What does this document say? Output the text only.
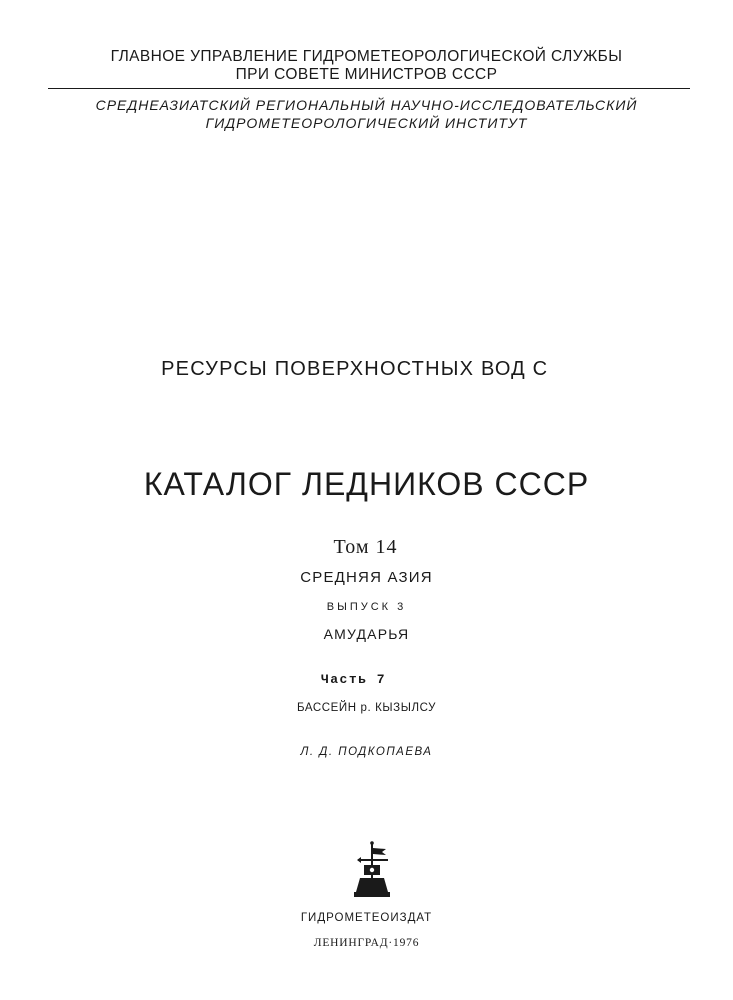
ГЛАВНОЕ УПРАВЛЕНИЕ ГИДРОМЕТЕОРОЛОГИЧЕСКОЙ СЛУЖБЫ
ПРИ СОВЕТЕ МИНИСТРОВ СССР
СРЕДНЕАЗИАТСКИЙ РЕГИОНАЛЬНЫЙ НАУЧНО-ИССЛЕДОВАТЕЛЬСКИЙ
ГИДРОМЕТЕОРОЛОГИЧЕСКИЙ ИНСТИТУТ
РЕСУРСЫ ПОВЕРХНОСТНЫХ ВОД С   
КАТАЛОГ ЛЕДНИКОВ СССР
Том 14
СРЕДНЯЯ АЗИЯ
ВЫПУСК 3
АМУДАРЬЯ
Часть 7
БАССЕЙН р. КЫЗЫЛСУ
Л. Д. ПОДКОПАЕВА
ГИДРОМЕТЕОИЗДАТ
ЛЕНИНГРАД·1976
